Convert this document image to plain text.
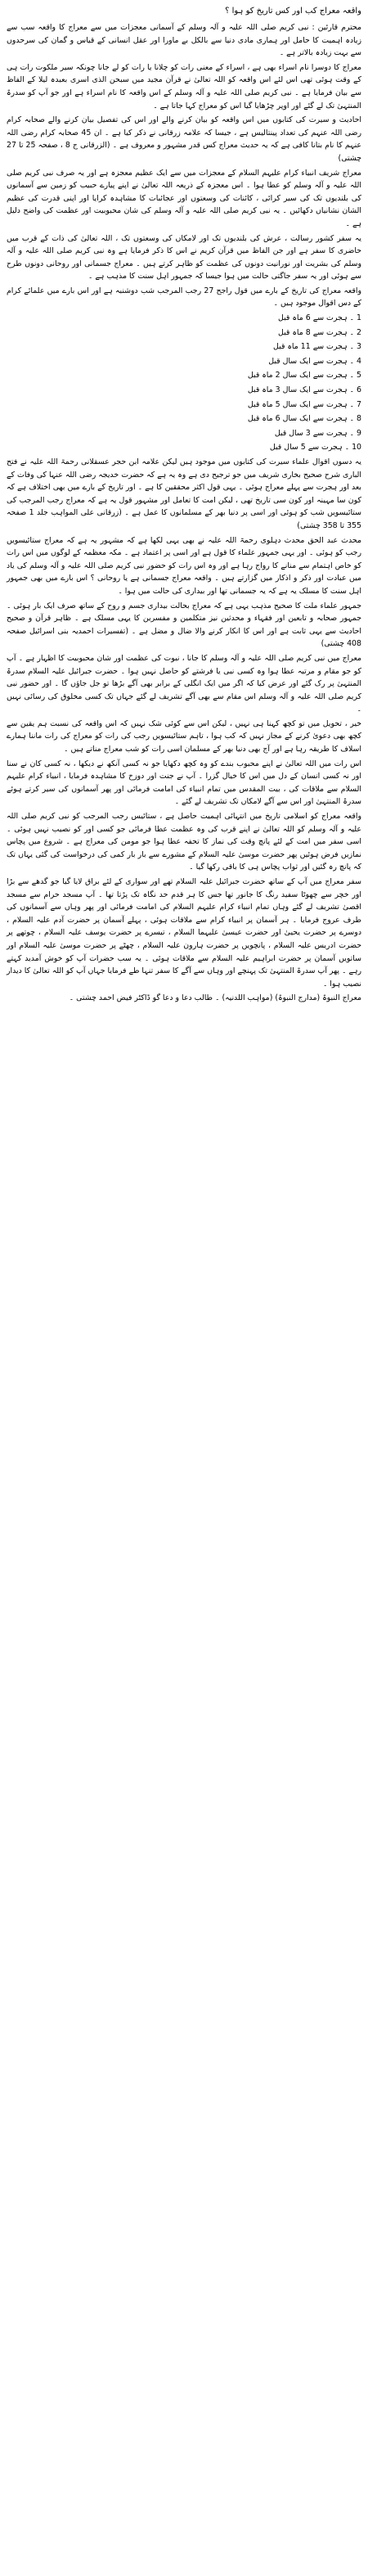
واقعہ معراج کب اور کس تاریخ کو ہوا ؟

محترم قارئین : نبی کریم صلی اللہ علیہ و آلہ وسلم کے آسمانی معجزات میں سے معراج کا واقعہ سب سے زیادہ اہمیت کا حامل اور ہماری مادی دنیا سے بالکل بے ماورا اور عقل انسانی کے قیاس و گمان کی سرحدوں سے بہت زیادہ بالاتر ہے ۔

معراج کا دوسرا نام اسراء بھی ہے ، اسراء کے معنی رات کو چلانا یا رات کو لے جانا چونکہ سیر ملکوت رات ہی کے وقت ہوئی تھی اس لئے اس واقعہ کو اللہ تعالیٰ نے قرآن مجید میں سبحن الذی اسری بعبدہ لیلا کے الفاظ سے بیان فرمایا ہے ۔ نبی کریم صلی اللہ علیہ و آلہ وسلم کے اس واقعہ کا نام اسراء ہے اور جو آپ کو سدرۃ المنتہیٰ تک لے گئے اور اوپر چڑھایا گیا اس کو معراج کہا جاتا ہے ۔

احادیث و سیرت کی کتابوں میں اس واقعہ کو بیان کرنے والے اور اس کی تفصیل بیان کرنے والے صحابہ کرام رضی اللہ عنہم کی تعداد پینتالیس ہے ، جیسا کہ علامہ زرقانی نے ذکر کیا ہے ۔ ان 45 صحابہ کرام رضی اللہ عنہم کا نام بتانا کافی ہے کہ یہ حدیث معراج کس قدر مشہور و معروف ہے ۔ (الزرقانی ج 8 ، صفحہ 25 تا 27 چشتی)

معراج شریف انبیاء کرام علیہم السلام کے معجزات میں سے ایک عظیم معجزہ ہے اور یہ صرف نبی کریم صلی اللہ علیہ و آلہ وسلم کو عطا ہوا ۔ اس معجزہ کے ذریعہ اللہ تعالیٰ نے اپنے پیارے حبیب کو زمین سے آسمانوں کی بلندیوں تک کی سیر کرائی ، کائنات کی وسعتوں اور عجائبات کا مشاہدہ کرایا اور اپنی قدرت کی عظیم الشان نشانیاں دکھائیں ۔ یہ نبی کریم صلی اللہ علیہ و آلہ وسلم کی شان محبوبیت اور عظمت کی واضح دلیل ہے ۔

یہ سفر کشور رسالت ، عرش کی بلندیوں تک اور لامکاں کی وسعتوں تک ، اللہ تعالیٰ کی ذات کے قرب میں حاضری کا سفر ہے اور جن الفاظ میں قرآن کریم نے اس کا ذکر فرمایا ہے وہ نبی کریم صلی اللہ علیہ و آلہ وسلم کی بشریت اور نورانیت دونوں کی عظمت کو ظاہر کرتے ہیں ۔ معراج جسمانی اور روحانی دونوں طرح سے ہوئی اور یہ سفر جاگتی حالت میں ہوا جیسا کہ جمہور اہل سنت کا مذہب ہے ۔

واقعہ معراج کی تاریخ کے بارے میں قول راجح 27 رجب المرجب شب دوشنبہ ہے اور اس بارے میں علمائے کرام کے دس اقوال موجود ہیں ۔

1 ۔ ہجرت سے 6 ماہ قبل

2 ۔ ہجرت سے 8 ماہ قبل

3 ۔ ہجرت سے 11 ماہ قبل

4 ۔ ہجرت سے ایک سال قبل

5 ۔ ہجرت سے ایک سال 2 ماہ قبل

6 ۔ ہجرت سے ایک سال 3 ماہ قبل

7 ۔ ہجرت سے ایک سال 5 ماہ قبل

8 ۔ ہجرت سے ایک سال 6 ماہ قبل

9 ۔ ہجرت سے 3 سال قبل

10 ۔ ہجرت سے 5 سال قبل

یہ دسوں اقوال علماء سیرت کی کتابوں میں موجود ہیں لیکن علامہ ابن حجر عسقلانی رحمۃ اللہ علیہ نے فتح الباری شرح صحیح بخاری شریف میں جو ترجیح دی ہے وہ یہ ہے کہ حضرت خدیجہ رضی اللہ عنہا کی وفات کے بعد اور ہجرت سے پہلے معراج ہوئی ۔ یہی قول اکثر محققین کا ہے ۔ اور تاریخ کے بارے میں بھی اختلاف ہے کہ کون سا مہینہ اور کون سی تاریخ تھی ، لیکن امت کا تعامل اور مشہور قول یہ ہے کہ معراج رجب المرجب کی ستائیسویں شب کو ہوئی اور اسی پر دنیا بھر کے مسلمانوں کا عمل ہے ۔ (زرقانی علی المواہب جلد 1 صفحہ 355 تا 358 چشتی)

محدث عبد الحق محدث دہلوی رحمۃ اللہ علیہ نے بھی یہی لکھا ہے کہ مشہور یہ ہے کہ معراج ستائیسویں رجب کو ہوئی ۔ اور یہی جمہور علماء کا قول ہے اور اسی پر اعتماد ہے ۔ مکہ معظمہ کے لوگوں میں اس رات کو خاص اہتمام سے منانے کا رواج رہا ہے اور وہ اس رات کو حضور نبی کریم صلی اللہ علیہ و آلہ وسلم کی یاد میں عبادت اور ذکر و اذکار میں گزارتے ہیں ۔ واقعہ معراج جسمانی ہے یا روحانی ؟ اس بارے میں بھی جمہور اہل سنت کا مسلک یہ ہے کہ یہ جسمانی تھا اور بیداری کی حالت میں ہوا ۔

جمہور علماء ملت کا صحیح مذہب یہی ہے کہ معراج بحالت بیداری جسم و روح کے ساتھ صرف ایک بار ہوئی ۔ جمہور صحابہ و تابعین اور فقہاء و محدثین نیز متکلمین و مفسرین کا یہی مسلک ہے ۔ ظاہر قرآن و صحیح احادیث سے یہی ثابت ہے اور اس کا انکار کرنے والا ضال و مضل ہے ۔ (تفسیرات احمدیہ بنی اسرائیل صفحہ 408 چشتی)

معراج میں نبی کریم صلی اللہ علیہ و آلہ وسلم کا جانا ، نبوت کی عظمت اور شان محبوبیت کا اظہار ہے ۔ آپ کو جو مقام و مرتبہ عطا ہوا وہ کسی نبی یا فرشتے کو حاصل نہیں ہوا ۔ حضرت جبرائیل علیہ السلام سدرۃ المنتہیٰ پر رک گئے اور عرض کیا کہ اگر میں ایک انگلی کے برابر بھی آگے بڑھا تو جل جاؤں گا ۔ اور حضور نبی کریم صلی اللہ علیہ و آلہ وسلم اس مقام سے بھی آگے تشریف لے گئے جہاں تک کسی مخلوق کی رسائی نہیں ۔

خیر ، تحویل میں تو کچھ کہنا ہی نہیں ، لیکن اس سے کوئی شک نہیں کہ اس واقعہ کی نسبت ہم یقین سے کچھ بھی دعویٰ کرنے کے مجاز نہیں کہ کب ہوا ، تاہم ستائیسویں رجب کی رات کو معراج کی رات ماننا ہمارے اسلاف کا طریقہ رہا ہے اور آج بھی دنیا بھر کے مسلمان اسی رات کو شب معراج مناتے ہیں ۔

اس رات میں اللہ تعالیٰ نے اپنے محبوب بندے کو وہ کچھ دکھایا جو نہ کسی آنکھ نے دیکھا ، نہ کسی کان نے سنا اور نہ کسی انسان کے دل میں اس کا خیال گزرا ۔ آپ نے جنت اور دوزخ کا مشاہدہ فرمایا ، انبیاء کرام علیہم السلام سے ملاقات کی ، بیت المقدس میں تمام انبیاء کی امامت فرمائی اور پھر آسمانوں کی سیر کرتے ہوئے سدرۃ المنتہیٰ اور اس سے آگے لامکاں تک تشریف لے گئے ۔

واقعہ معراج کو اسلامی تاریخ میں انتہائی اہمیت حاصل ہے ، ستائیس رجب المرجب کو نبی کریم صلی اللہ علیہ و آلہ وسلم کو اللہ تعالیٰ نے اپنے قرب کی وہ عظمت عطا فرمائی جو کسی اور کو نصیب نہیں ہوئی ۔ اسی سفر میں امت کے لئے پانچ وقت کی نماز کا تحفہ عطا ہوا جو مومن کی معراج ہے ۔ شروع میں پچاس نمازیں فرض ہوئیں پھر حضرت موسیٰ علیہ السلام کے مشورے سے بار بار کمی کی درخواست کی گئی یہاں تک کہ پانچ رہ گئیں اور ثواب پچاس ہی کا باقی رکھا گیا ۔

سفر معراج میں آپ کے ساتھ حضرت جبرائیل علیہ السلام تھے اور سواری کے لئے براق لایا گیا جو گدھے سے بڑا اور خچر سے چھوٹا سفید رنگ کا جانور تھا جس کا ہر قدم حد نگاہ تک پڑتا تھا ۔ آپ مسجد حرام سے مسجد اقصیٰ تشریف لے گئے وہاں تمام انبیاء کرام علیہم السلام کی امامت فرمائی اور پھر وہاں سے آسمانوں کی طرف عروج فرمایا ۔ ہر آسمان پر انبیاء کرام سے ملاقات ہوئی ، پہلے آسمان پر حضرت آدم علیہ السلام ، دوسرے پر حضرت یحییٰ اور حضرت عیسیٰ علیہما السلام ، تیسرے پر حضرت یوسف علیہ السلام ، چوتھے پر حضرت ادریس علیہ السلام ، پانچویں پر حضرت ہارون علیہ السلام ، چھٹے پر حضرت موسیٰ علیہ السلام اور ساتویں آسمان پر حضرت ابراہیم علیہ السلام سے ملاقات ہوئی ۔ یہ سب حضرات آپ کو خوش آمدید کہتے رہے ۔ پھر آپ سدرۃ المنتہیٰ تک پہنچے اور وہاں سے آگے کا سفر تنہا طے فرمایا جہاں آپ کو اللہ تعالیٰ کا دیدار نصیب ہوا ۔

معراج النبوۃ (مدارج النبوۃ) (مواہب اللدنیہ) ۔ طالب دعا و دعا گو ڈاکٹر فیض احمد چشتی ۔
